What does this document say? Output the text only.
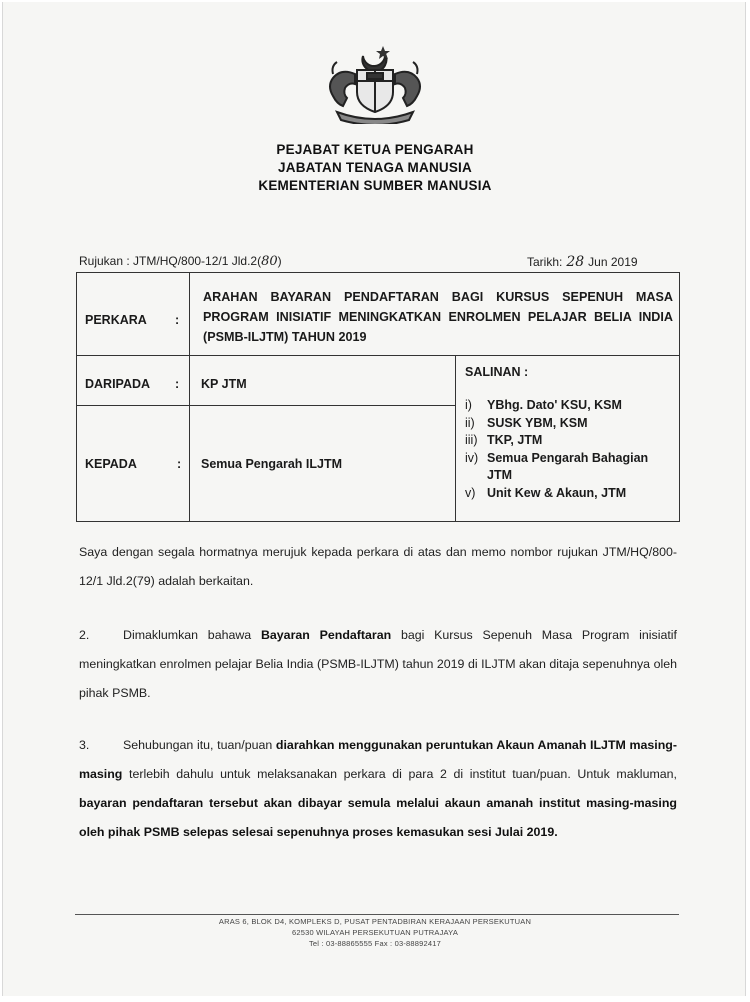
PEJABAT KETUA PENGARAH
JABATAN TENAGA MANUSIA
KEMENTERIAN SUMBER MANUSIA
Rujukan : JTM/HQ/800-12/1 Jld.2(80)	Tarikh: 28 Jun 2019
PERKARA :
ARAHAN BAYARAN PENDAFTARAN BAGI KURSUS SEPENUH MASA PROGRAM INISIATIF MENINGKATKAN ENROLMEN PELAJAR BELIA INDIA (PSMB-ILJTM) TAHUN 2019
DARIPADA : KP JTM
KEPADA	: Semua Pengarah ILJTM
SALINAN :
i)	YBhg. Dato' KSU, KSM
ii) SUSK YBM, KSM
iii) TKP, JTM
iv) Semua Pengarah Bahagian JTM
v) Unit Kew & Akaun, JTM
Saya dengan segala hormatnya merujuk kepada perkara di atas dan memo nombor rujukan JTM/HQ/800-12/1 Jld.2(79) adalah berkaitan.
2.	Dimaklumkan bahawa Bayaran Pendaftaran bagi Kursus Sepenuh Masa Program inisiatif meningkatkan enrolmen pelajar Belia India (PSMB-ILJTM) tahun 2019 di ILJTM akan ditaja sepenuhnya oleh pihak PSMB.
3.	Sehubungan itu, tuan/puan diarahkan menggunakan peruntukan Akaun Amanah ILJTM masing-masing terlebih dahulu untuk melaksanakan perkara di para 2 di institut tuan/puan. Untuk makluman, bayaran pendaftaran tersebut akan dibayar semula melalui akaun amanah institut masing-masing oleh pihak PSMB selepas selesai sepenuhnya proses kemasukan sesi Julai 2019.
ARAS 6, BLOK D4, KOMPLEKS D, PUSAT PENTADBIRAN KERAJAAN PERSEKUTUAN
62530 WILAYAH PERSEKUTUAN PUTRAJAYA
Tel : 03-88865555 Fax : 03-88892417
